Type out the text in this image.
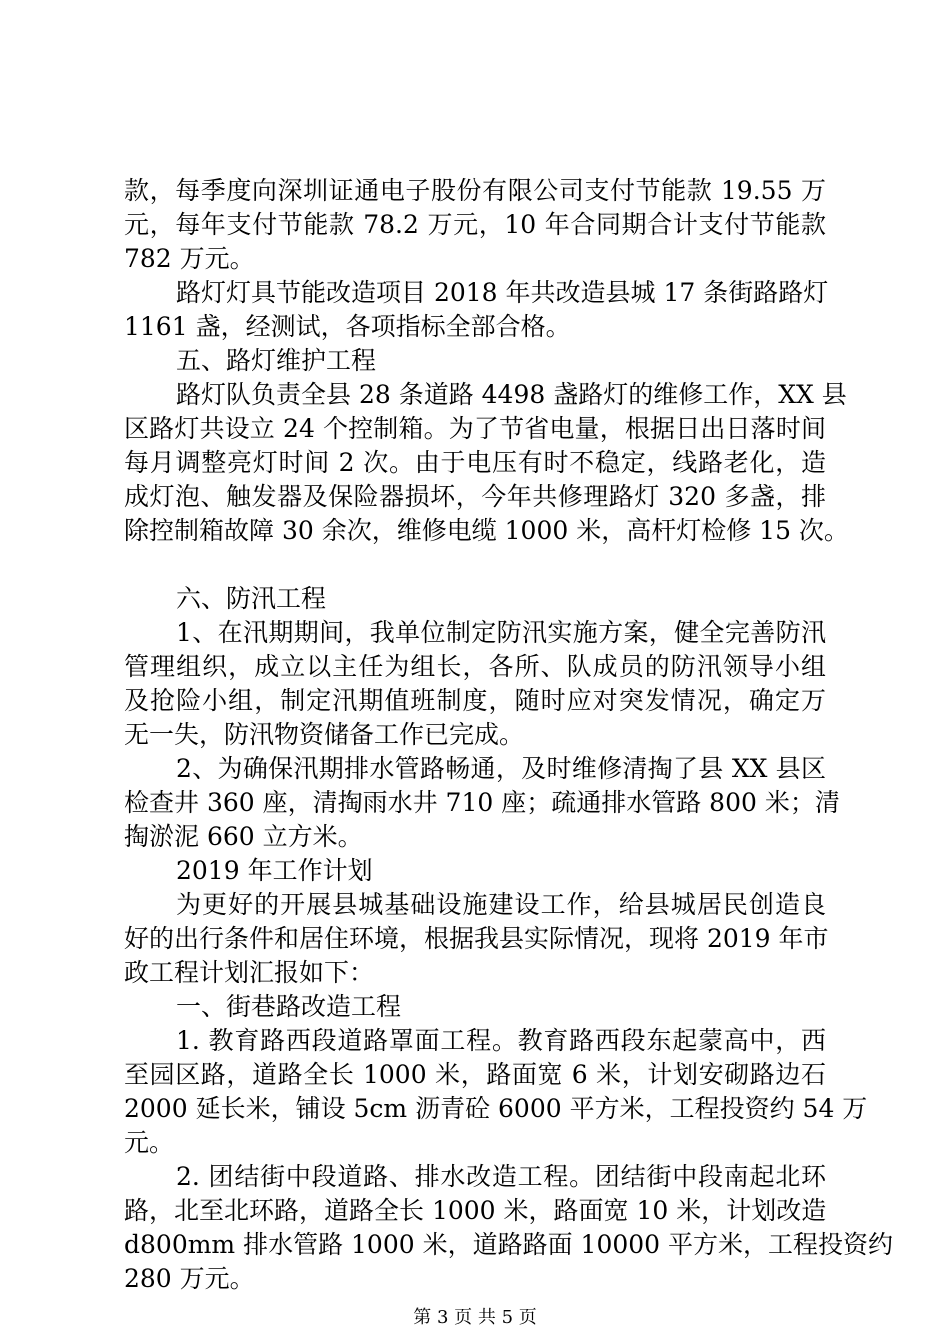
款，每季度向深圳证通电子股份有限公司支付节能款 19.55 万
元，每年支付节能款 78.2 万元，10 年合同期合计支付节能款
782 万元。
路灯灯具节能改造项目 2018 年共改造县城 17 条街路路灯
1161 盏，经测试，各项指标全部合格。
五、路灯维护工程
路灯队负责全县 28 条道路 4498 盏路灯的维修工作，XX 县
区路灯共设立 24 个控制箱。为了节省电量，根据日出日落时间
每月调整亮灯时间 2 次。由于电压有时不稳定，线路老化，造
成灯泡、触发器及保险器损坏，今年共修理路灯 320 多盏，排
除控制箱故障 30 余次，维修电缆 1000 米，高杆灯检修 15 次。
六、防汛工程
1、在汛期期间，我单位制定防汛实施方案，健全完善防汛
管理组织，成立以主任为组长，各所、队成员的防汛领导小组
及抢险小组，制定汛期值班制度，随时应对突发情况，确定万
无一失，防汛物资储备工作已完成。
2、为确保汛期排水管路畅通，及时维修清掏了县 XX 县区
检查井 360 座，清掏雨水井 710 座；疏通排水管路 800 米；清
掏淤泥 660 立方米。
2019 年工作计划
为更好的开展县城基础设施建设工作，给县城居民创造良
好的出行条件和居住环境，根据我县实际情况，现将 2019 年市
政工程计划汇报如下：
一、街巷路改造工程
1. 教育路西段道路罩面工程。教育路西段东起蒙高中，西
至园区路，道路全长 1000 米，路面宽 6 米，计划安砌路边石
2000 延长米，铺设 5cm 沥青砼 6000 平方米，工程投资约 54 万
元。
2. 团结街中段道路、排水改造工程。团结街中段南起北环
路，北至北环路，道路全长 1000 米，路面宽 10 米，计划改造
d800mm 排水管路 1000 米，道路路面 10000 平方米，工程投资约
280 万元。
第 3 页 共 5 页
